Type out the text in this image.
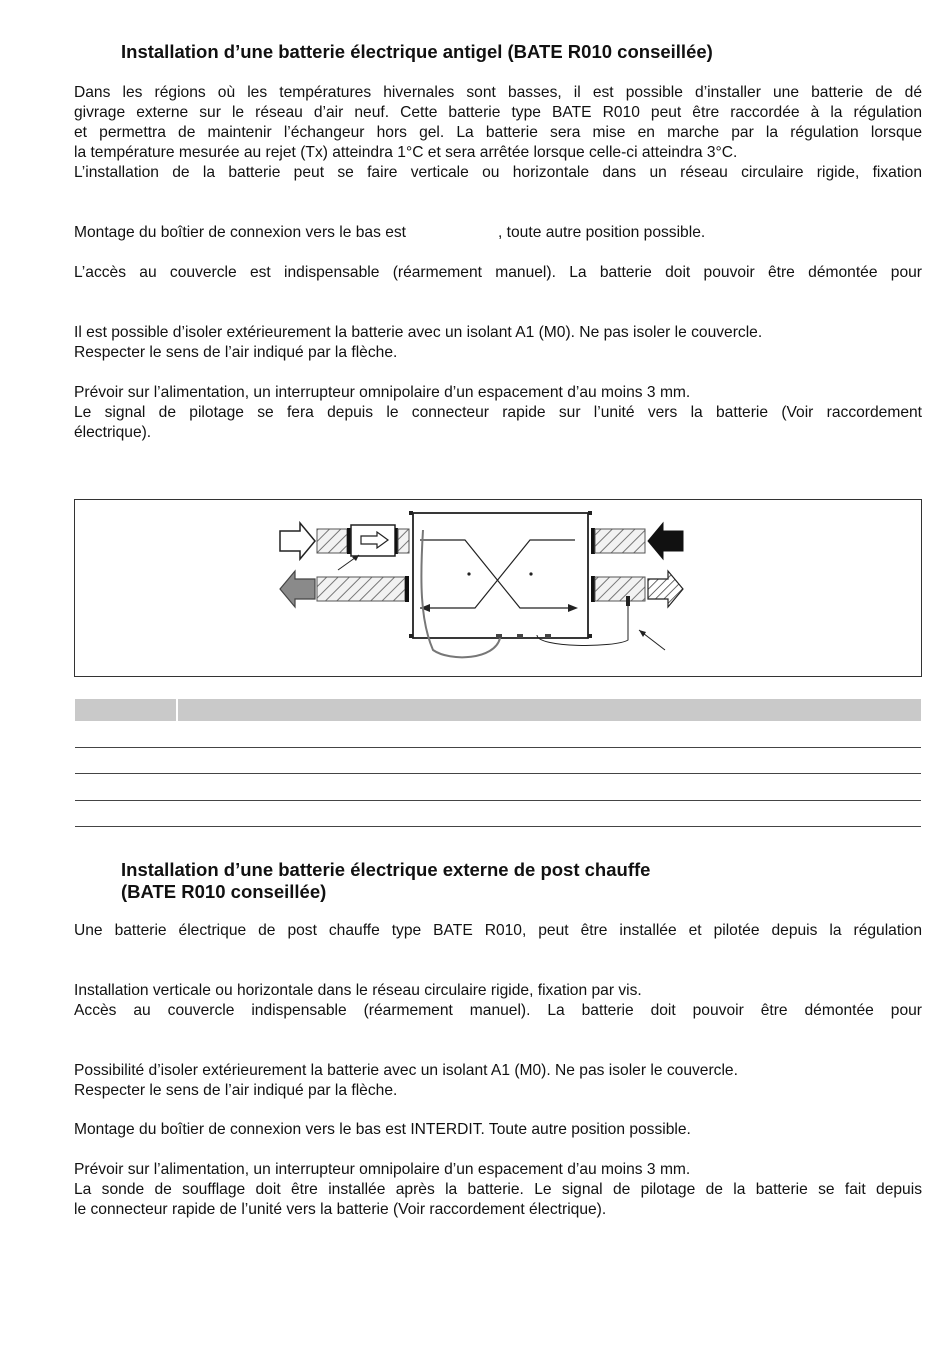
Installation d’une batterie électrique antigel (BATE R010 conseillée)
Dans les régions où les températures hivernales sont basses, il est possible d’installer une batterie de dé
givrage externe sur le réseau d’air neuf. Cette batterie type BATE R010 peut être raccordée à la régulation
et permettra de maintenir l’échangeur hors gel. La batterie sera mise en marche par la régulation lorsque
la température mesurée au rejet (Tx) atteindra 1°C et sera arrêtée lorsque celle-ci atteindra 3°C.
L’installation de la batterie peut se faire verticale ou horizontale dans un réseau circulaire rigide, fixation
Montage du boîtier de connexion vers le bas est	, toute autre position possible.
L’accès au couvercle est indispensable (réarmement manuel). La batterie doit pouvoir être démontée pour
Il est possible d’isoler extérieurement la batterie avec un isolant A1 (M0). Ne pas isoler le couvercle.
Respecter le sens de l’air indiqué par la flèche.
Prévoir sur l’alimentation, un interrupteur omnipolaire d’un espacement d’au moins 3 mm.
Le signal de pilotage se fera depuis le connecteur rapide sur l’unité vers la batterie (Voir raccordement
électrique).
Installation d’une batterie électrique externe de post chauffe
(BATE R010 conseillée)
Une batterie électrique de post chauffe type BATE R010, peut être installée et pilotée depuis la régulation
Installation verticale ou horizontale dans le réseau circulaire rigide, fixation par vis.
Accès au couvercle indispensable (réarmement manuel). La batterie doit pouvoir être démontée pour
Possibilité d’isoler extérieurement la batterie avec un isolant A1 (M0). Ne pas isoler le couvercle.
Respecter le sens de l’air indiqué par la flèche.
Montage du boîtier de connexion vers le bas est INTERDIT. Toute autre position possible.
Prévoir sur l’alimentation, un interrupteur omnipolaire d’un espacement d’au moins 3 mm.
La sonde de soufflage doit être installée après la batterie. Le signal de pilotage de la batterie se fait depuis
le connecteur rapide de l’unité vers la batterie (Voir raccordement électrique).
